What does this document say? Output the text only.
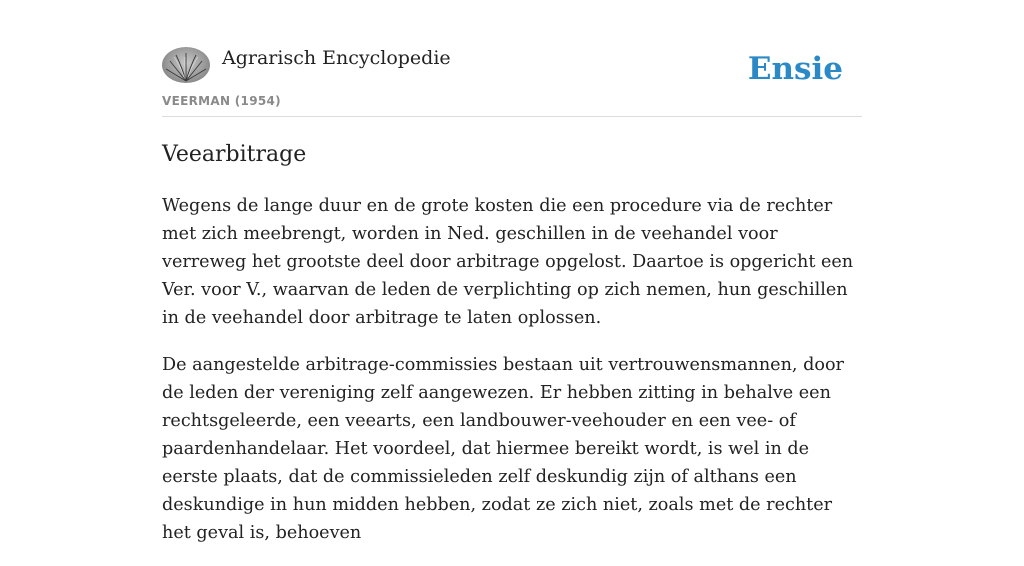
Agrarisch Encyclopedie
VEERMAN (1954)
Ensie
Veearbitrage

Wegens de lange duur en de grote kosten die een procedure via de rechter met zich meebrengt, worden in Ned. geschillen in de veehandel voor verreweg het grootste deel door arbitrage opgelost. Daartoe is opgericht een Ver. voor V., waarvan de leden de verplichting op zich nemen, hun geschillen in de veehandel door arbitrage te laten oplossen.

De aangestelde arbitrage-commissies bestaan uit vertrouwensmannen, door de leden der vereniging zelf aangewezen. Er hebben zitting in behalve een rechtsgeleerde, een veearts, een landbouwer-veehouder en een vee- of paardenhandelaar. Het voordeel, dat hiermee bereikt wordt, is wel in de eerste plaats, dat de commissieleden zelf deskundig zijn of althans een deskundige in hun midden hebben, zodat ze zich niet, zoals met de rechter het geval is, behoeven
